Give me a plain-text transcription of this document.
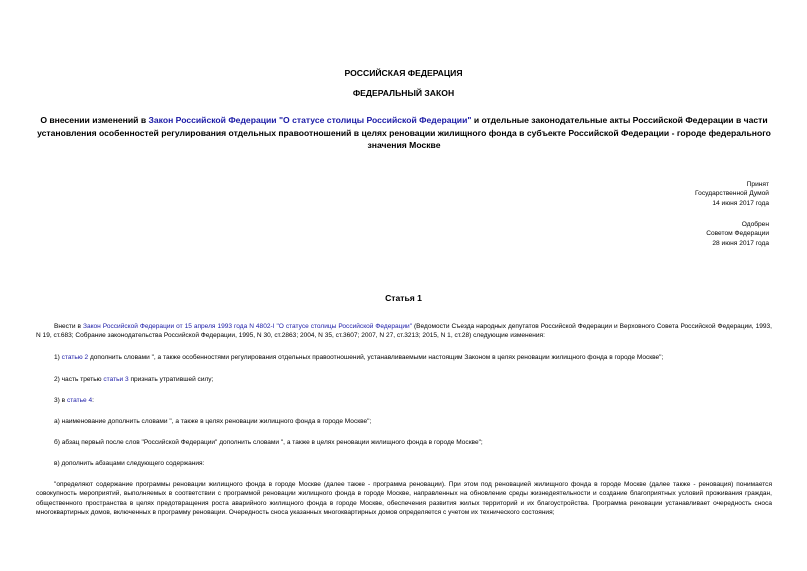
РОССИЙСКАЯ ФЕДЕРАЦИЯ
ФЕДЕРАЛЬНЫЙ ЗАКОН
О внесении изменений в Закон Российской Федерации "О статусе столицы Российской Федерации" и отдельные законодательные акты Российской Федерации в части установления особенностей регулирования отдельных правоотношений в целях реновации жилищного фонда в субъекте Российской Федерации - городе федерального значения Москве
Принят
Государственной Думой
14 июня 2017 года
Одобрен
Советом Федерации
28 июня 2017 года
Статья 1
Внести в Закон Российской Федерации от 15 апреля 1993 года N 4802-I "О статусе столицы Российской Федерации" (Ведомости Съезда народных депутатов Российской Федерации и Верховного Совета Российской Федерации, 1993, N 19, ст.683; Собрание законодательства Российской Федерации, 1995, N 30, ст.2863; 2004, N 35, ст.3607; 2007, N 27, ст.3213; 2015, N 1, ст.28) следующие изменения:
1) статью 2 дополнить словами ", а также особенностями регулирования отдельных правоотношений, устанавливаемыми настоящим Законом в целях реновации жилищного фонда в городе Москве";
2) часть третью статьи 3 признать утратившей силу;
3) в статье 4:
а) наименование дополнить словами ", а также в целях реновации жилищного фонда в городе Москве";
б) абзац первый после слов "Российской Федерации" дополнить словами ", а также в целях реновации жилищного фонда в городе Москве";
в) дополнить абзацами следующего содержания:
"определяют содержание программы реновации жилищного фонда в городе Москве (далее также - программа реновации). При этом под реновацией жилищного фонда в городе Москве (далее также - реновация) понимается совокупность мероприятий, выполняемых в соответствии с программой реновации жилищного фонда в городе Москве, направленных на обновление среды жизнедеятельности и создание благоприятных условий проживания граждан, общественного пространства в целях предотвращения роста аварийного жилищного фонда в городе Москве, обеспечения развития жилых территорий и их благоустройства. Программа реновации устанавливает очередность сноса многоквартирных домов, включенных в программу реновации. Очередность сноса указанных многоквартирных домов определяется с учетом их технического состояния;
